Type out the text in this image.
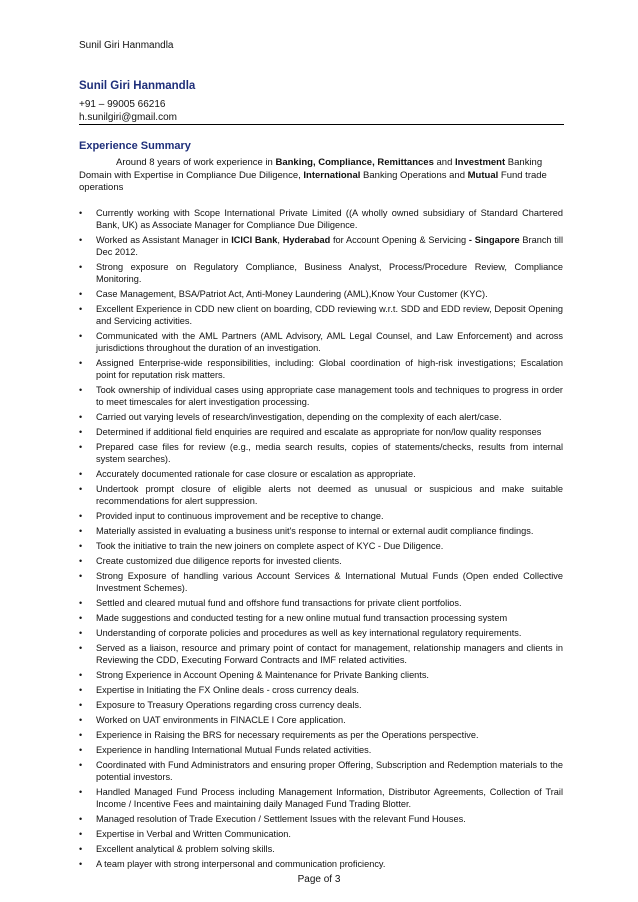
Sunil Giri Hanmandla
Sunil Giri Hanmandla
+91 – 99005 66216
h.sunilgiri@gmail.com
Experience Summary
Around 8 years of work experience in Banking, Compliance, Remittances and Investment Banking Domain with Expertise in Compliance Due Diligence, International Banking Operations and Mutual Fund trade operations
• Currently working with Scope International Private Limited ((A wholly owned subsidiary of Standard Chartered Bank, UK) as Associate Manager for Compliance Due Diligence.
• Worked as Assistant Manager in ICICI Bank, Hyderabad for Account Opening & Servicing - Singapore Branch till Dec 2012.
• Strong exposure on Regulatory Compliance, Business Analyst, Process/Procedure Review, Compliance Monitoring.
• Case Management, BSA/Patriot Act, Anti-Money Laundering (AML),Know Your Customer (KYC).
• Excellent Experience in CDD new client on boarding, CDD reviewing w.r.t. SDD and EDD review, Deposit Opening and Servicing activities.
• Communicated with the AML Partners (AML Advisory, AML Legal Counsel, and Law Enforcement) and across jurisdictions throughout the duration of an investigation.
• Assigned Enterprise-wide responsibilities, including: Global coordination of high-risk investigations; Escalation point for reputation risk matters.
• Took ownership of individual cases using appropriate case management tools and techniques to progress in order to meet timescales for alert investigation processing.
• Carried out varying levels of research/investigation, depending on the complexity of each alert/case.
• Determined if additional field enquiries are required and escalate as appropriate for non/low quality responses
• Prepared case files for review (e.g., media search results, copies of statements/checks, results from internal system searches).
• Accurately documented rationale for case closure or escalation as appropriate.
• Undertook prompt closure of eligible alerts not deemed as unusual or suspicious and make suitable recommendations for alert suppression.
• Provided input to continuous improvement and be receptive to change.
• Materially assisted in evaluating a business unit's response to internal or external audit compliance findings.
• Took the initiative to train the new joiners on complete aspect of KYC - Due Diligence.
• Create customized due diligence reports for invested clients.
• Strong Exposure of handling various Account Services & International Mutual Funds (Open ended Collective Investment Schemes).
• Settled and cleared mutual fund and offshore fund transactions for private client portfolios.
• Made suggestions and conducted testing for a new online mutual fund transaction processing system
• Understanding of corporate policies and procedures as well as key international regulatory requirements.
• Served as a liaison, resource and primary point of contact for management, relationship managers and clients in Reviewing the CDD, Executing Forward Contracts and IMF related activities.
• Strong Experience in Account Opening & Maintenance for Private Banking clients.
• Expertise in Initiating the FX Online deals - cross currency deals.
• Exposure to Treasury Operations regarding cross currency deals.
• Worked on UAT environments in FINACLE I Core application.
• Experience in Raising the BRS for necessary requirements as per the Operations perspective.
• Experience in handling International Mutual Funds related activities.
• Coordinated with Fund Administrators and ensuring proper Offering, Subscription and Redemption materials to the potential investors.
• Handled Managed Fund Process including Management Information, Distributor Agreements, Collection of Trail Income / Incentive Fees and maintaining daily Managed Fund Trading Blotter.
• Managed resolution of Trade Execution / Settlement Issues with the relevant Fund Houses.
• Expertise in Verbal and Written Communication.
• Excellent analytical & problem solving skills.
• A team player with strong interpersonal and communication proficiency.
Page of 3
